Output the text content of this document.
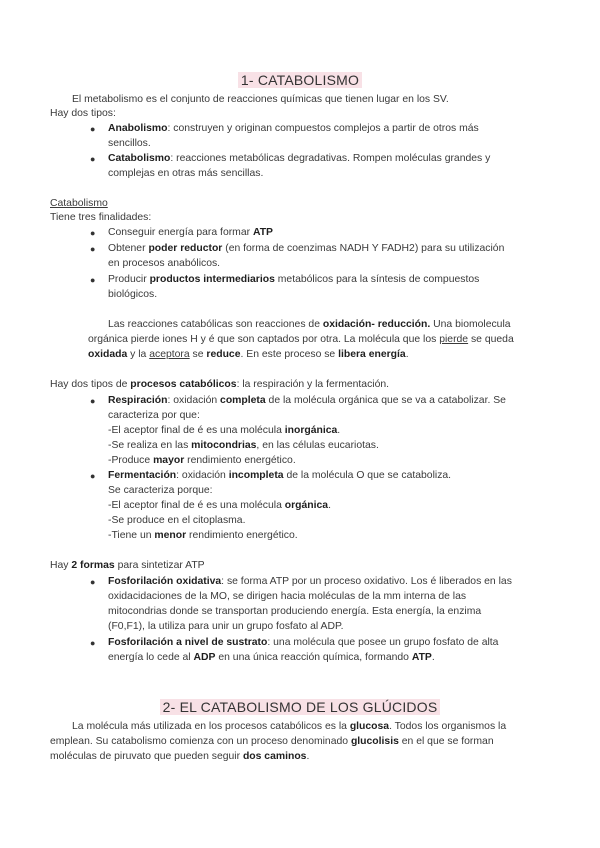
1- CATABOLISMO
El metabolismo es el conjunto de reacciones químicas que tienen lugar en los SV.
Hay dos tipos:
● Anabolismo: construyen y originan compuestos complejos a partir de otros más
sencillos.
● Catabolismo: reacciones metabólicas degradativas. Rompen moléculas grandes y
complejas en otras más sencillas.
Catabolismo
Tiene tres finalidades:
● Conseguir energía para formar ATP
● Obtener poder reductor (en forma de coenzimas NADH Y FADH2) para su utilización
en procesos anabólicos.
● Producir productos intermediarios metabólicos para la síntesis de compuestos
biológicos.
Las reacciones catabólicas son reacciones de oxidación- reducción. Una biomolecula
orgánica pierde iones H y é que son captados por otra. La molécula que los pierde se queda
oxidada y la aceptora se reduce. En este proceso se libera energía.
Hay dos tipos de procesos catabólicos: la respiración y la fermentación.
● Respiración: oxidación completa de la molécula orgánica que se va a catabolizar. Se
caracteriza por que:
-El aceptor final de é es una molécula inorgánica.
-Se realiza en las mitocondrias, en las células eucariotas.
-Produce mayor rendimiento energético.
● Fermentación: oxidación incompleta de la molécula O que se cataboliza.
Se caracteriza porque:
-El aceptor final de é es una molécula orgánica.
-Se produce en el citoplasma.
-Tiene un menor rendimiento energético.
Hay 2 formas para sintetizar ATP
● Fosforilación oxidativa: se forma ATP por un proceso oxidativo. Los é liberados en las
oxidacidaciones de la MO, se dirigen hacia moléculas de la mm interna de las
mitocondrias donde se transportan produciendo energía. Esta energía, la enzima
(F0,F1), la utiliza para unir un grupo fosfato al ADP.
● Fosforilación a nivel de sustrato: una molécula que posee un grupo fosfato de alta
energía lo cede al ADP en una única reacción química, formando ATP.
2- EL CATABOLISMO DE LOS GLÚCIDOS
La molécula más utilizada en los procesos catabólicos es la glucosa. Todos los organismos la
emplean. Su catabolismo comienza con un proceso denominado glucolisis en el que se forman
moléculas de piruvato que pueden seguir dos caminos.
